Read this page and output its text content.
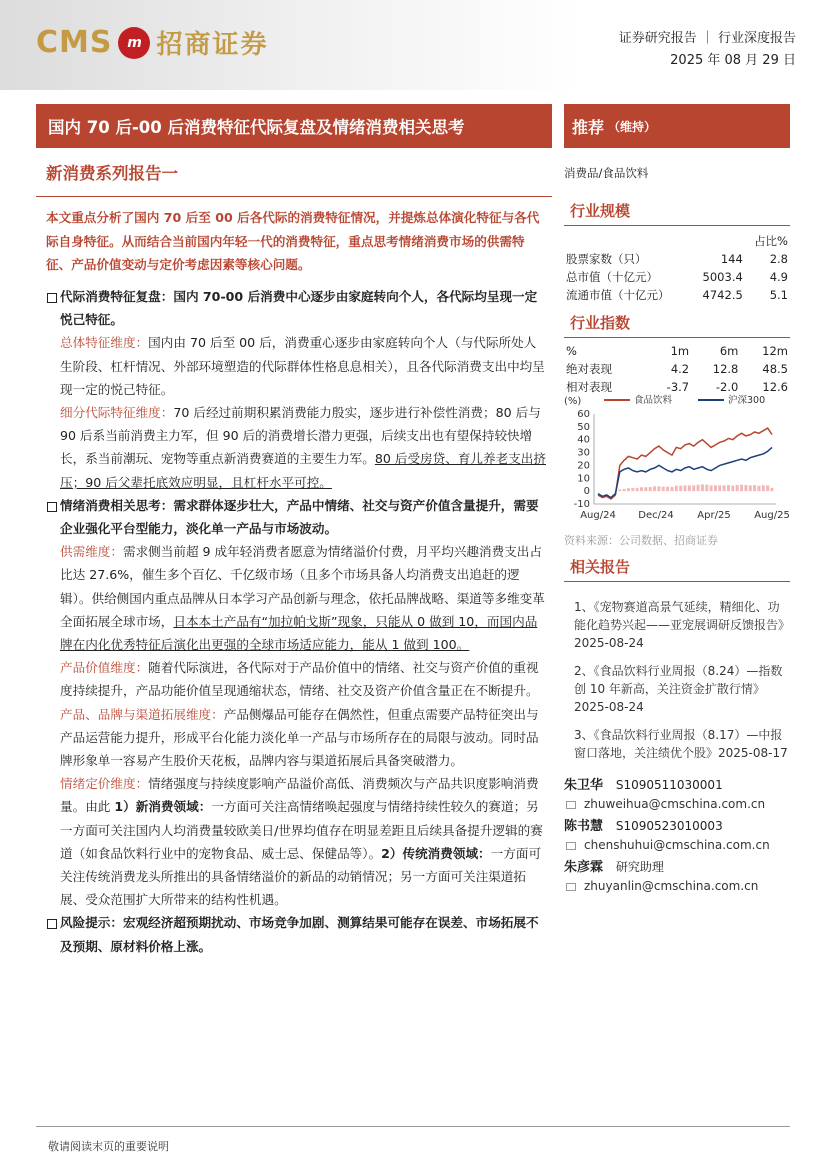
CMS	m 招商证券	证券研究报告 ｜ 行业深度报告
2025 年 08 月 29 日
国内 70 后-00 后消费特征代际复盘及情绪消费相关思考	推荐 （维持）
新消费系列报告一
本文重点分析了国内 70 后至 00 后各代际的消费特征情况，并提炼总体演化特征与各代际自身特征。从而结合当前国内年轻一代的消费特征，重点思考情绪消费市场的供需特征、产品价值变动与定价考虑因素等核心问题。

代际消费特征复盘：国内 70-00 后消费中心逐步由家庭转向个人，各代际均呈现一定悦己特征。

总体特征维度：国内由 70 后至 00 后，消费重心逐步由家庭转向个人（与代际所处人生阶段、杠杆情况、外部环境塑造的代际群体性格息息相关），且各代际消费支出中均呈现一定的悦己特征。

细分代际特征维度：70 后经过前期积累消费能力殷实，逐步进行补偿性消费；80 后与 90 后系当前消费主力军，但 90 后的消费增长潜力更强，后续支出也有望保持较快增长，系当前潮玩、宠物等重点新消费赛道的主要生力军。80 后受房贷、育儿养老支出挤压；90 后父辈托底效应明显，且杠杆水平可控。

情绪消费相关思考：需求群体逐步壮大，产品中情绪、社交与资产价值含量提升，需要企业强化平台型能力，淡化单一产品与市场波动。

供需维度：需求侧当前超 9 成年轻消费者愿意为情绪溢价付费，月平均兴趣消费支出占比达 27.6%，催生多个百亿、千亿级市场（且多个市场具备人均消费支出追赶的逻辑）。供给侧国内重点品牌从日本学习产品创新与理念，依托品牌战略、渠道等多维变革全面拓展全球市场，日本本土产品有“加拉帕戈斯”现象，只能从 0 做到 10，而国内品牌在内化优秀特征后演化出更强的全球市场适应能力，能从 1 做到 100。

产品价值维度：随着代际演进，各代际对于产品价值中的情绪、社交与资产价值的重视度持续提升，产品功能价值呈现通缩状态，情绪、社交及资产价值含量正在不断提升。

产品、品牌与渠道拓展维度：产品侧爆品可能存在偶然性，但重点需要产品特征突出与产品运营能力提升，形成平台化能力淡化单一产品与市场所存在的局限与波动。同时品牌形象单一容易产生股价天花板，品牌内容与渠道拓展后具备突破潜力。

情绪定价维度：情绪强度与持续度影响产品溢价高低、消费频次与产品共识度影响消费量。由此 1）新消费领域：一方面可关注高情绪唤起强度与情绪持续性较久的赛道；另一方面可关注国内人均消费量较欧美日/世界均值存在明显差距且后续具备提升逻辑的赛道（如食品饮料行业中的宠物食品、威士忌、保健品等）。2）传统消费领域：一方面可关注传统消费龙头所推出的具备情绪溢价的新品的动销情况；另一方面可关注渠道拓展、受众范围扩大所带来的结构性机遇。

风险提示：宏观经济超预期扰动、市场竞争加剧、测算结果可能存在误差、市场拓展不及预期、原材料价格上涨。

消费品/食品饮料
行业规模
		占比%
股票家数（只）	144	2.8
总市值（十亿元）	5003.4	4.9
流通市值（十亿元）	4742.5	5.1
行业指数
%	1m	6m	12m
绝对表现	4.2	12.8	48.5
相对表现	-3.7	-2.0	12.6
(%)
60
50
40
30
20
10
0
-10
Aug/24 Dec/24 Apr/25 Aug/25
食品饮料	沪深300
资料来源：公司数据、招商证券
相关报告
1、《宠物赛道高景气延续，精细化、功能化趋势兴起——亚宠展调研反馈报告》2025-08-24
2、《食品饮料行业周报（8.24）—指数创 10 年新高，关注资金扩散行情》2025-08-24
3、《食品饮料行业周报（8.17）—中报窗口落地，关注绩优个股》2025-08-17
朱卫华 S1090511030001
zhuweihua@cmschina.com.cn
陈书慧 S1090523010003
chenshuhui@cmschina.com.cn
朱彦霖 研究助理
zhuyanlin@cmschina.com.cn
敬请阅读末页的重要说明
